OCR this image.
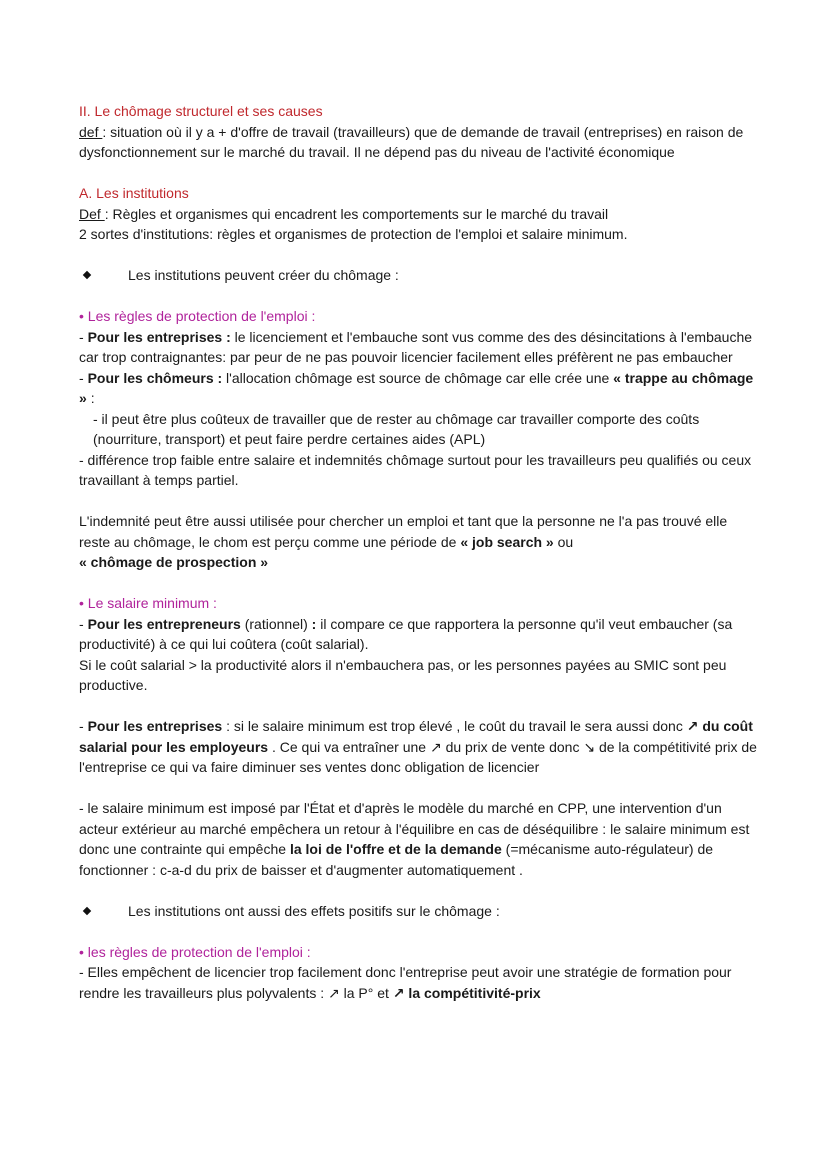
II. Le chômage structurel et ses causes

def : situation où il y a + d'offre de travail (travailleurs) que de demande de travail (entreprises) en raison de dysfonctionnement sur le marché du travail. Il ne dépend pas du niveau de l'activité économique

A. Les institutions

Def : Règles et organismes qui encadrent les comportements sur le marché du travail

2 sortes d'institutions: règles et organismes de protection de l'emploi et salaire minimum.

Les institutions peuvent créer du chômage :

• Les règles de protection de l'emploi :

- Pour les entreprises : le licenciement et l'embauche sont vus comme des des désincitations à l'embauche car trop contraignantes: par peur de ne pas pouvoir licencier facilement elles préfèrent ne pas embaucher

- Pour les chômeurs : l'allocation chômage est source de chômage car elle crée une « trappe au chômage » :

- il peut être plus coûteux de travailler que de rester au chômage car travailler comporte des coûts (nourriture, transport) et peut faire perdre certaines aides (APL)

- différence trop faible entre salaire et indemnités chômage surtout pour les travailleurs peu qualifiés ou ceux travaillant à temps partiel.

L'indemnité peut être aussi utilisée pour chercher un emploi et tant que la personne ne l'a pas trouvé elle reste au chômage, le chom est perçu comme une période de « job search » ou
« chômage de prospection »

• Le salaire minimum :

- Pour les entrepreneurs (rationnel) : il compare ce que rapportera la personne qu'il veut embaucher (sa productivité) à ce qui lui coûtera (coût salarial).

Si le coût salarial > la productivité alors il n'embauchera pas, or les personnes payées au SMIC sont peu productive.

- Pour les entreprises : si le salaire minimum est trop élevé , le coût du travail le sera aussi donc ↗ du coût salarial pour les employeurs . Ce qui va entraîner une ↗ du prix de vente donc ↘ de la compétitivité prix de l'entreprise ce qui va faire diminuer ses ventes donc obligation de licencier

- le salaire minimum est imposé par l'État et d'après le modèle du marché en CPP, une intervention d'un acteur extérieur au marché empêchera un retour à l'équilibre en cas de déséquilibre : le salaire minimum est donc une contrainte qui empêche la loi de l'offre et de la demande (=mécanisme auto-régulateur) de fonctionner : c-a-d du prix de baisser et d'augmenter automatiquement .

Les institutions ont aussi des effets positifs sur le chômage :

• les règles de protection de l'emploi :

- Elles empêchent de licencier trop facilement donc l'entreprise peut avoir une stratégie de formation pour rendre les travailleurs plus polyvalents : ↗ la P° et ↗ la compétitivité-prix
